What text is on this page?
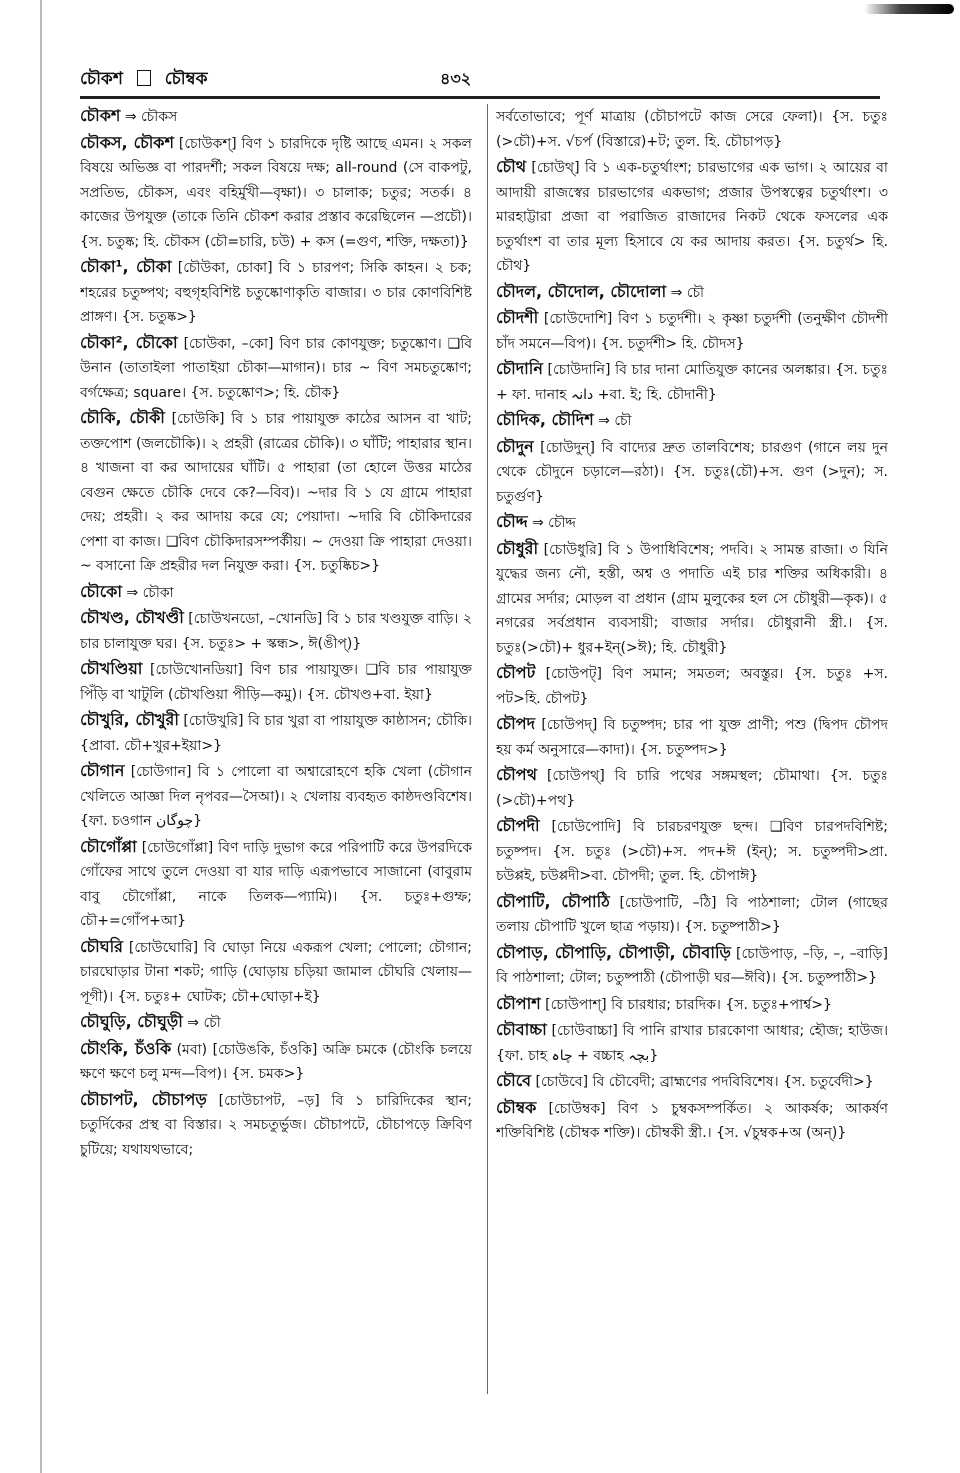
চৌকশ চৌম্বক	৪৩২

চৌকশ ⇒ চৌকস

চৌকস, চৌকশ [চোউকশ্] বিণ ১ চারদিকে দৃষ্টি আছে এমন। ২ সকল বিষয়ে অভিজ্ঞ বা পারদর্শী; সকল বিষয়ে দক্ষ; all-round (সে বাকপটু, সপ্রতিভ, চৌকস, এবং বহির্মুখী—বৃক্ষা)। ৩ চালাক; চতুর; সতর্ক। ৪ কাজের উপযুক্ত (তাকে তিনি চৌকশ করার প্রস্তাব করেছিলেন —প্রচৌ)। {স. চতুষ্ক; হি. চৌকস (চৌ=চারি, চউ) + কস (=গুণ, শক্তি, দক্ষতা)}

চৌকা¹, চৌকা [চৌউকা, চোকা] বি ১ চারপণ; সিকি কাহন। ২ চক; শহরের চতুষ্পথ; বহুগৃহবিশিষ্ট চতুষ্কোণাকৃতি বাজার। ৩ চার কোণবিশিষ্ট প্রাঙ্গণ। {স. চতুষ্ক>}

চৌকা², চৌকো [চোউকা, –কো] বিণ চার কোণযুক্ত; চতুষ্কোণ। ❑বি উনান (তাতাইলা পাতাইয়া চৌকা—মাগান)। চার ~ বিণ সমচতুষ্কোণ; বর্গক্ষেত্র; square। {স. চতুষ্কোণ>; হি. চৌক}

চৌকি, চৌকী [চোউকি] বি ১ চার পায়াযুক্ত কাঠের আসন বা খাট; তক্তপোশ (জলচৌকি)। ২ প্রহরী (রাত্রের চৌকি)। ৩ ঘাঁটি; পাহারার স্থান। ৪ খাজনা বা কর আদায়ের ঘাঁটি। ৫ পাহারা (তা হোলে উত্তর মাঠের বেগুন ক্ষেতে চৌকি দেবে কে?—বিব)। ~দার বি ১ যে গ্রামে পাহারা দেয়; প্রহরী। ২ কর আদায় করে যে; পেয়াদা। ~দারি বি চৌকিদারের পেশা বা কাজ। ❑বিণ চৌকিদারসম্পর্কীয়। ~ দেওয়া ক্রি পাহারা দেওয়া। ~ বসানো ক্রি প্রহরীর দল নিযুক্ত করা। {স. চতুষ্কিচ>}

চৌকো ⇒ চৌকা

চৌখণ্ড, চৌখণ্ডী [চোউখনডো, –খোনডি] বি ১ চার খণ্ডযুক্ত বাড়ি। ২ চার চালাযুক্ত ঘর। {স. চতুঃ> + স্কন্ধ>, ঈ(ঙীপ্)}

চৌখণ্ডিয়া [চোউখোনডিয়া] বিণ চার পায়াযুক্ত। ❑বি চার পায়াযুক্ত পিঁড়ি বা খাটুলি (চৌখণ্ডিয়া পীড়ি—কমু)। {স. চৌখণ্ড+বা. ইয়া}

চৌখুরি, চৌখুরী [চোউখুরি] বি চার খুরা বা পায়াযুক্ত কাষ্ঠাসন; চৌকি। {প্রাবা. চৌ+খুর+ইয়া>}

চৌগান [চোউগান] বি ১ পোলো বা অশ্বারোহণে হকি খেলা (চৌগান খেলিতে আজ্ঞা দিল নৃপবর—সৈআ)। ২ খেলায় ব্যবহৃত কাষ্ঠদণ্ডবিশেষ। {ফা. চওগান چوگان}

চৌগোঁপ্পা [চোউগোঁপ্পা] বিণ দাড়ি দুভাগ করে পরিপাটি করে উপরদিকে গোঁফের সাথে তুলে দেওয়া বা যার দাড়ি এরূপভাবে সাজানো (বাবুরাম বাবু চৌগোঁপ্পা, নাকে তিলক—প্যামি)। {স. চতুঃ+গুম্ফ; চৌ+=গোঁপ+আ}

চৌঘরি [চোউঘোরি] বি ঘোড়া নিয়ে একরূপ খেলা; পোলো; চৌগান; চারঘোড়ার টানা শকট; গাড়ি (ঘোড়ায় চড়িয়া জামাল চৌঘরি খেলায়—পূগী)। {স. চতুঃ+ ঘোটক; চৌ+ঘোড়া+ই}

চৌঘুড়ি, চৌঘুড়ী ⇒ চৌ

চৌংকি, চঁওকি (মবা) [চোউঙকি, চঁওকি] অক্রি চমকে (চৌংকি চলয়ে ক্ষণে ক্ষণে চলু মন্দ—বিপ)। {স. চমক>}

চৌচাপট, চৌচাপড় [চোউচাপট, –ড়] বি ১ চারিদিকের স্থান; চতুর্দিকের প্রস্থ বা বিস্তার। ২ সমচতুর্ভুজ। চৌচাপটে, চৌচাপড়ে ক্রিবিণ চুটিয়ে; যথাযথভাবে;

সর্বতোভাবে; পূর্ণ মাত্রায় (চৌচাপটে কাজ সেরে ফেলা)। {স. চতুঃ (>চৌ)+স. √চর্প (বিস্তারে)+ট; তুল. হি. চৌচাপড়}

চৌথ [চোউথ্] বি ১ এক-চতুর্থাংশ; চারভাগের এক ভাগ। ২ আয়ের বা আদায়ী রাজস্বের চারভাগের একভাগ; প্রজার উপস্বত্বের চতুর্থাংশ। ৩ মারহাট্টারা প্রজা বা পরাজিত রাজাদের নিকট থেকে ফসলের এক চতুর্থাংশ বা তার মূল্য হিসাবে যে কর আদায় করত। {স. চতুর্থ> হি. চৌথ}

চৌদল, চৌদোল, চৌদোলা ⇒ চৌ

চৌদশী [চোউদোশি] বিণ ১ চতুর্দশী। ২ কৃষ্ণা চতুর্দশী (তনুক্ষীণ চৌদশী চাঁদ সমনে—বিপ)। {স. চতুর্দশী> হি. চৌদস}

চৌদানি [চোউদানি] বি চার দানা মোতিযুক্ত কানের অলঙ্কার। {স. চতুঃ + ফা. দানাহ دانہ +বা. ই; হি. চৌদানী}

চৌদিক, চৌদিশ ⇒ চৌ

চৌদুন [চোউদুন্] বি বাদ্যের দ্রুত তালবিশেষ; চারগুণ (গানে লয় দুন থেকে চৌদুনে চড়ালে—রঠা)। {স. চতুঃ(চৌ)+স. গুণ (>দুন); স. চতুর্গুণ}

চৌদ্দ ⇒ চৌদ্দ

চৌধুরী [চোউধুরি] বি ১ উপাধিবিশেষ; পদবি। ২ সামন্ত রাজা। ৩ যিনি যুদ্ধের জন্য নৌ, হস্তী, অশ্ব ও পদাতি এই চার শক্তির অধিকারী। ৪ গ্রামের সর্দার; মোড়ল বা প্রধান (গ্রাম মুলুকের হল সে চৌধুরী—কৃক)। ৫ নগরের সর্বপ্রধান ব্যবসায়ী; বাজার সর্দার। চৌধুরানী স্ত্রী.। {স. চতুঃ(>চৌ)+ ধুর+ইন্(>ঈ); হি. চৌধুরী}

চৌপট [চোউপট্] বিণ সমান; সমতল; অবস্তুর। {স. চতুঃ +স. পট>হি. চৌপট}

চৌপদ [চোউপদ্] বি চতুষ্পদ; চার পা যুক্ত প্রাণী; পশু (দ্বিপদ চৌপদ হয় কর্ম অনুসারে—কাদা)। {স. চতুষ্পদ>}

চৌপথ [চোউপথ্] বি চারি পথের সঙ্গমস্থল; চৌমাথা। {স. চতুঃ (>চৌ)+পথ}

চৌপদী [চোউপোদি] বি চারচরণযুক্ত ছন্দ। ❑বিণ চারপদবিশিষ্ট; চতুষ্পদ। {স. চতুঃ (>চৌ)+স. পদ+ঈ (ইন্); স. চতুষ্পদী>প্রা. চউপ্পই, চউপ্পদী>বা. চৌপদী; তুল. হি. চৌপাঈ}

চৌপাটি, চৌপাঠি [চোউপাটি, –ঠি] বি পাঠশালা; টোল (গাছের তলায় চৌপাটি খুলে ছাত্র পড়ায়)। {স. চতুষ্পাঠী>}

চৌপাড়, চৌপাড়ি, চৌপাড়ী, চৌবাড়ি [চোউপাড়, –ড়ি, –, –বাড়ি] বি পাঠশালা; টোল; চতুষ্পাঠী (চৌপাড়ী ঘর—ঈবি)। {স. চতুষ্পাঠী>}

চৌপাশ [চোউপাশ্] বি চারধার; চারদিক। {স. চতুঃ+পার্শ্ব>}

চৌবাচ্চা [চোউবাচ্চা] বি পানি রাখার চারকোণা আধার; হৌজ; হাউজ। {ফা. চাহ چاہ + বচ্চাহ بچہ}

চৌবে [চোউবে] বি চৌবেদী; ব্রাহ্মণের পদবিবিশেষ। {স. চতুর্বেদী>}

চৌম্বক [চোউম্বক] বিণ ১ চুম্বকসম্পর্কিত। ২ আকর্ষক; আকর্ষণ শক্তিবিশিষ্ট (চৌম্বক শক্তি)। চৌম্বকী স্ত্রী.। {স. √চুম্বক+অ (অন্)}
